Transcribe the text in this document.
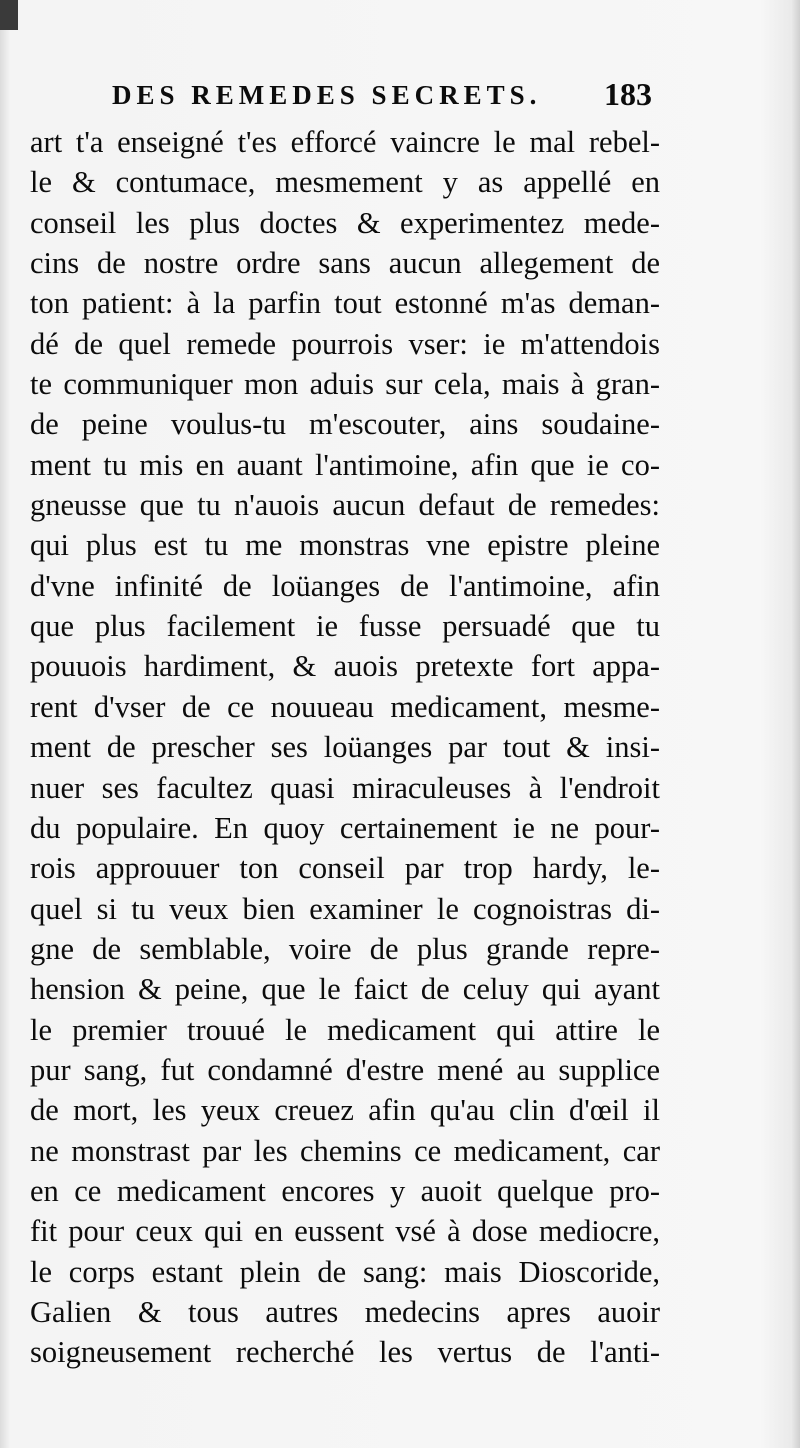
DES REMEDES SECRETS. 183
art t'a enseigné t'es efforcé vaincre le mal rebel-
le & contumace, mesmement y as appellé en
conseil les plus doctes & experimentez mede-
cins de nostre ordre sans aucun allegement de
ton patient: à la parfin tout estonné m'as deman-
dé de quel remede pourrois vser: ie m'attendois
te communiquer mon aduis sur cela, mais à gran-
de peine voulus-tu m'escouter, ains soudaine-
ment tu mis en auant l'antimoine, afin que ie co-
gneusse que tu n'auois aucun defaut de remedes:
qui plus est tu me monstras vne epistre pleine
d'vne infinité de loüanges de l'antimoine, afin
que plus facilement ie fusse persuadé que tu
pouuois hardiment, & auois pretexte fort appa-
rent d'vser de ce nouueau medicament, mesme-
ment de prescher ses loüanges par tout & insi-
nuer ses facultez quasi miraculeuses à l'endroit
du populaire. En quoy certainement ie ne pour-
rois approuuer ton conseil par trop hardy, le-
quel si tu veux bien examiner le cognoistras di-
gne de semblable, voire de plus grande repre-
hension & peine, que le faict de celuy qui ayant
le premier trouué le medicament qui attire le
pur sang, fut condamné d'estre mené au supplice
de mort, les yeux creuez afin qu'au clin d'œil il
ne monstrast par les chemins ce medicament, car
en ce medicament encores y auoit quelque pro-
fit pour ceux qui en eussent vsé à dose mediocre,
le corps estant plein de sang: mais Dioscoride,
Galien & tous autres medecins apres auoir
soigneusement recherché les vertus de l'anti-
